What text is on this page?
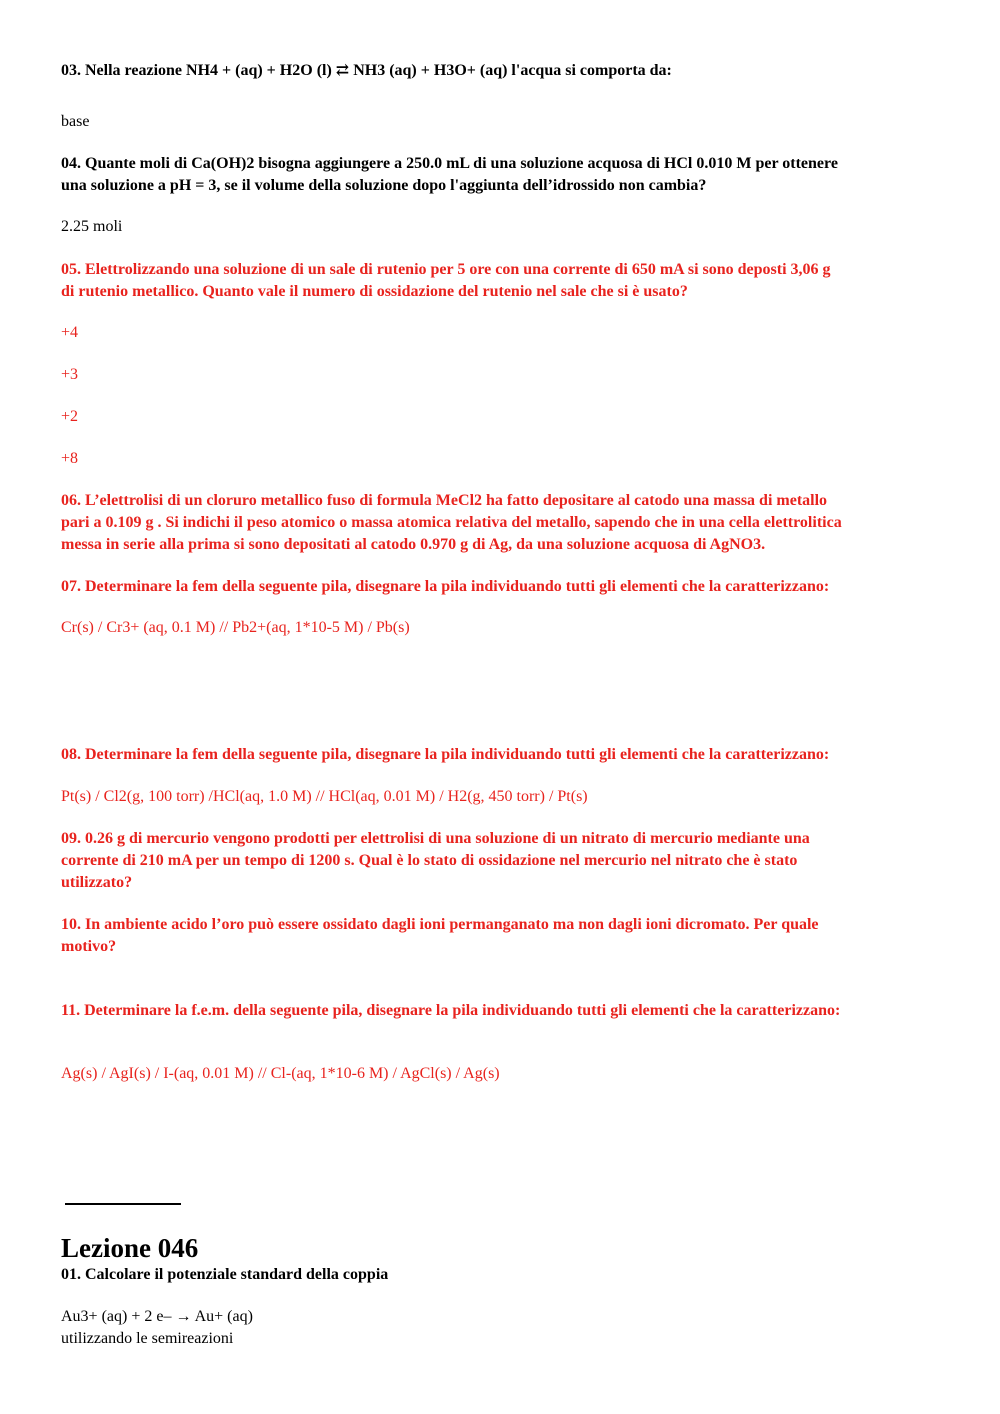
03. Nella reazione NH4 + (aq) + H2O (l) ⇄ NH3 (aq) + H3O+ (aq) l'acqua si comporta da:
base
04. Quante moli di Ca(OH)2 bisogna aggiungere a 250.0 mL di una soluzione acquosa di HCl 0.010 M per ottenere
una soluzione a pH = 3, se il volume della soluzione dopo l'aggiunta dell’idrossido non cambia?
2.25 moli
05. Elettrolizzando una soluzione di un sale di rutenio per 5 ore con una corrente di 650 mA si sono deposti 3,06 g
di rutenio metallico. Quanto vale il numero di ossidazione del rutenio nel sale che si è usato?
+4
+3
+2
+8
06. L’elettrolisi di un cloruro metallico fuso di formula MeCl2 ha fatto depositare al catodo una massa di metallo
pari a 0.109 g . Si indichi il peso atomico o massa atomica relativa del metallo, sapendo che in una cella elettrolitica
messa in serie alla prima si sono depositati al catodo 0.970 g di Ag, da una soluzione acquosa di AgNO3.
07. Determinare la fem della seguente pila, disegnare la pila individuando tutti gli elementi che la caratterizzano:
Cr(s) / Cr3+ (aq, 0.1 M) // Pb2+(aq, 1*10-5 M) / Pb(s)
08. Determinare la fem della seguente pila, disegnare la pila individuando tutti gli elementi che la caratterizzano:
Pt(s) / Cl2(g, 100 torr) /HCl(aq, 1.0 M) // HCl(aq, 0.01 M) / H2(g, 450 torr) / Pt(s)
09. 0.26 g di mercurio vengono prodotti per elettrolisi di una soluzione di un nitrato di mercurio mediante una
corrente di 210 mA per un tempo di 1200 s. Qual è lo stato di ossidazione nel mercurio nel nitrato che è stato
utilizzato?
10. In ambiente acido l’oro può essere ossidato dagli ioni permanganato ma non dagli ioni dicromato. Per quale
motivo?
11. Determinare la f.e.m. della seguente pila, disegnare la pila individuando tutti gli elementi che la caratterizzano:
Ag(s) / AgI(s) / I-(aq, 0.01 M) // Cl-(aq, 1*10-6 M) / AgCl(s) / Ag(s)
Lezione 046
01. Calcolare il potenziale standard della coppia
Au3+ (aq) + 2 e– → Au+ (aq)
utilizzando le semireazioni
